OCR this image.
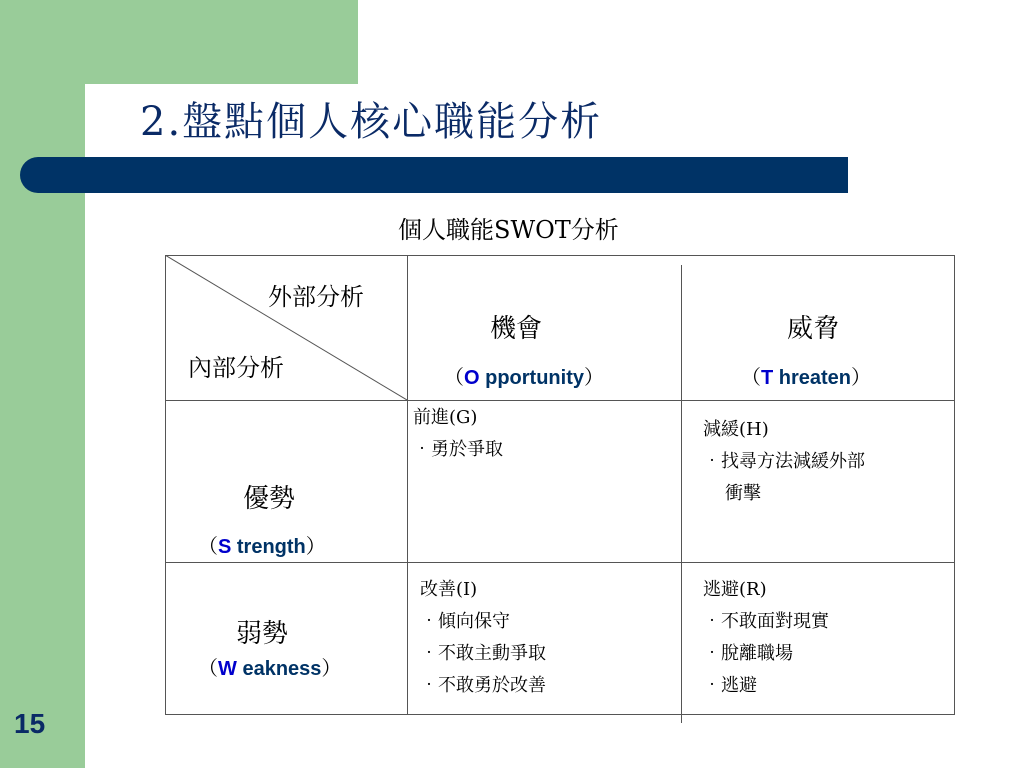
2.盤點個人核心職能分析
15
個人職能SWOT分析
外部分析
內部分析
機會
（O pportunity）
威脅
（T hreaten）
優勢
（S trength）
弱勢
（W eakness）
前進(G)
‧勇於爭取
減緩(H)
‧找尋方法減緩外部
衝擊
改善(I)
‧傾向保守
‧不敢主動爭取
‧不敢勇於改善
逃避(R)
‧不敢面對現實
‧脫離職場
‧逃避
